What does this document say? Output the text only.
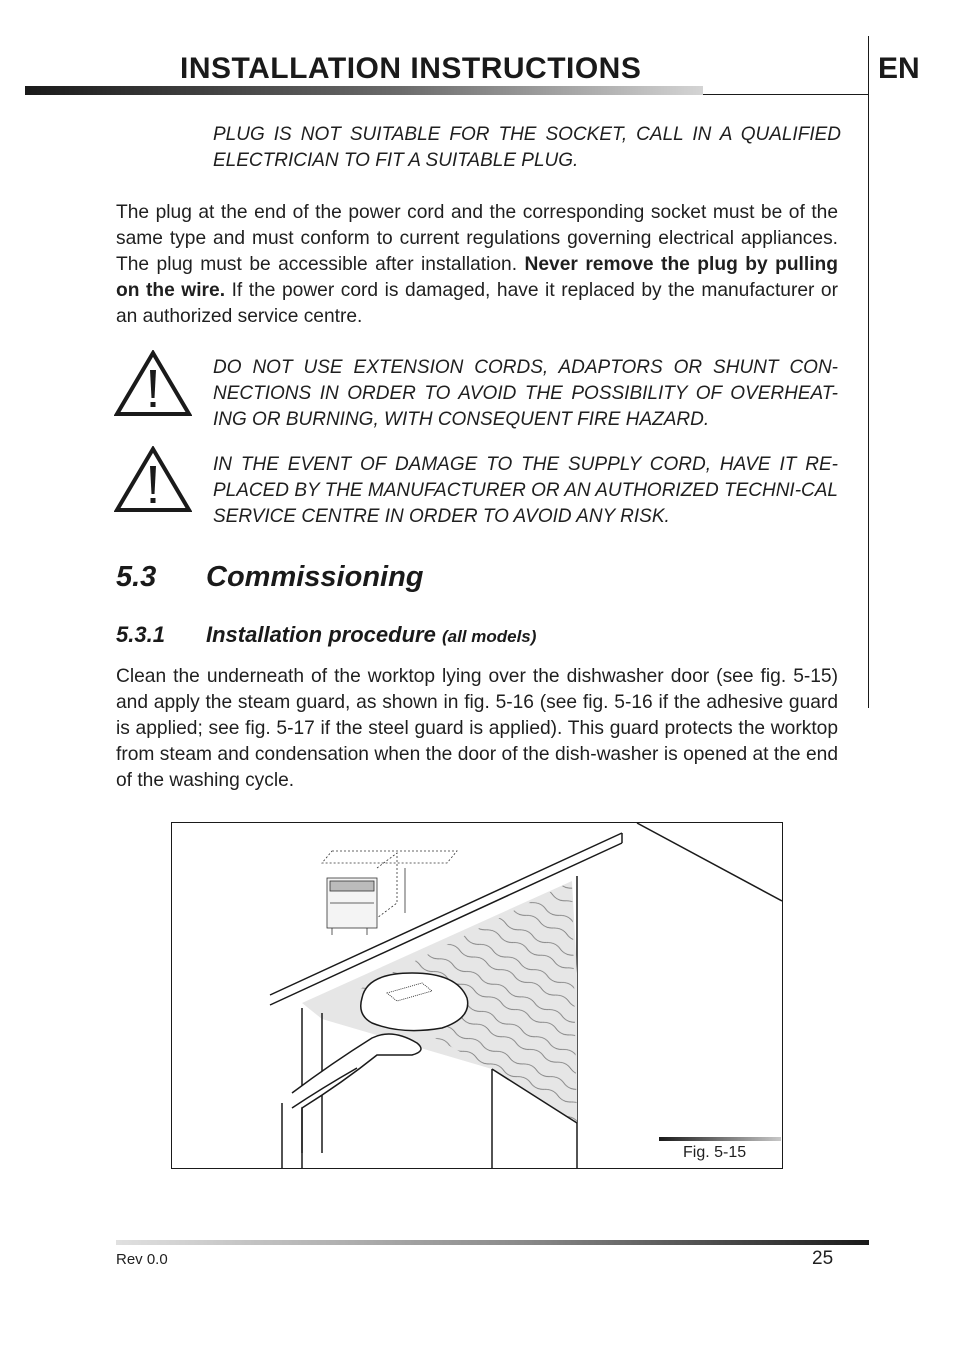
INSTALLATION INSTRUCTIONS	EN
PLUG IS NOT SUITABLE FOR THE SOCKET, CALL IN A QUALIFIED ELECTRICIAN TO FIT A SUITABLE PLUG.
The plug at the end of the power cord and the corresponding socket must be of the same type and must conform to current regulations governing electrical appliances. The plug must be accessible after installation. Never remove the plug by pulling on the wire. If the power cord is damaged, have it replaced by the manufacturer or an authorized service centre.
DO NOT USE EXTENSION CORDS, ADAPTORS OR SHUNT CON-NECTIONS IN ORDER TO AVOID THE POSSIBILITY OF OVERHEAT-ING OR BURNING, WITH CONSEQUENT FIRE HAZARD.
IN THE EVENT OF DAMAGE TO THE SUPPLY CORD, HAVE IT RE-PLACED BY THE MANUFACTURER OR AN AUTHORIZED TECHNI-CAL SERVICE CENTRE IN ORDER TO AVOID ANY RISK.
5.3 Commissioning
5.3.1 Installation procedure (all models)
Clean the underneath of the worktop lying over the dishwasher door (see fig. 5-15) and apply the steam guard, as shown in fig. 5-16 (see fig. 5-16 if the adhesive guard is applied; see fig. 5-17 if the steel guard is applied). This guard protects the worktop from steam and condensation when the door of the dish-washer is opened at the end of the washing cycle.
Fig. 5-15
Rev 0.0	25
